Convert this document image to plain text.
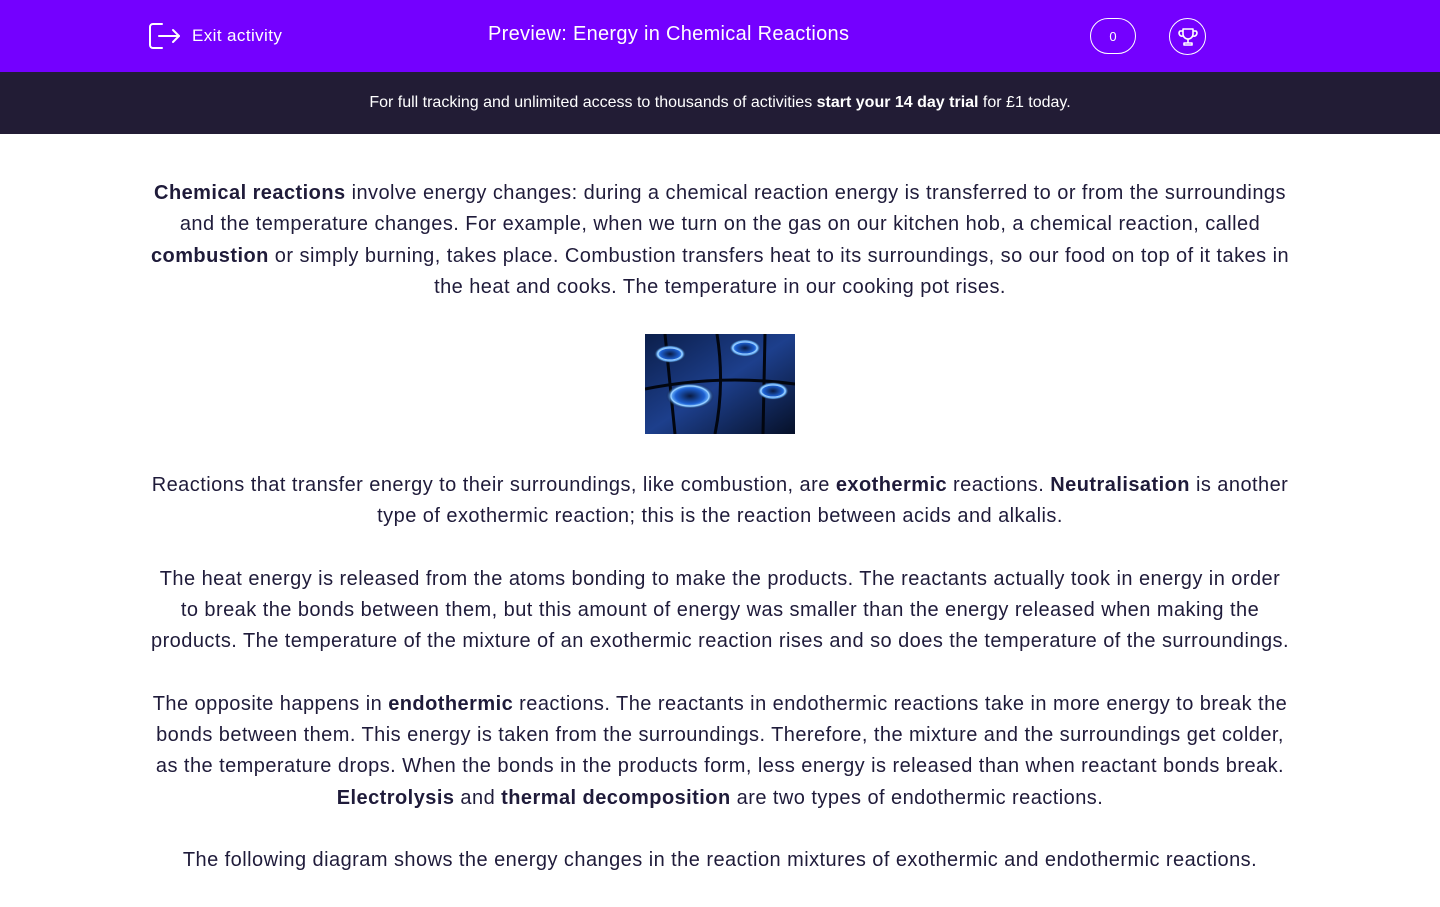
Exit activity	Preview: Energy in Chemical Reactions	0
For full tracking and unlimited access to thousands of activities start your 14 day trial for £1 today.

Chemical reactions involve energy changes: during a chemical reaction energy is transferred to or from the surroundings and the temperature changes. For example, when we turn on the gas on our kitchen hob, a chemical reaction, called combustion or simply burning, takes place. Combustion transfers heat to its surroundings, so our food on top of it takes in the heat and cooks. The temperature in our cooking pot rises.

Reactions that transfer energy to their surroundings, like combustion, are exothermic reactions. Neutralisation is another type of exothermic reaction; this is the reaction between acids and alkalis.

The heat energy is released from the atoms bonding to make the products. The reactants actually took in energy in order to break the bonds between them, but this amount of energy was smaller than the energy released when making the products. The temperature of the mixture of an exothermic reaction rises and so does the temperature of the surroundings.

The opposite happens in endothermic reactions. The reactants in endothermic reactions take in more energy to break the bonds between them. This energy is taken from the surroundings. Therefore, the mixture and the surroundings get colder, as the temperature drops. When the bonds in the products form, less energy is released than when reactant bonds break. Electrolysis and thermal decomposition are two types of endothermic reactions.

The following diagram shows the energy changes in the reaction mixtures of exothermic and endothermic reactions.
